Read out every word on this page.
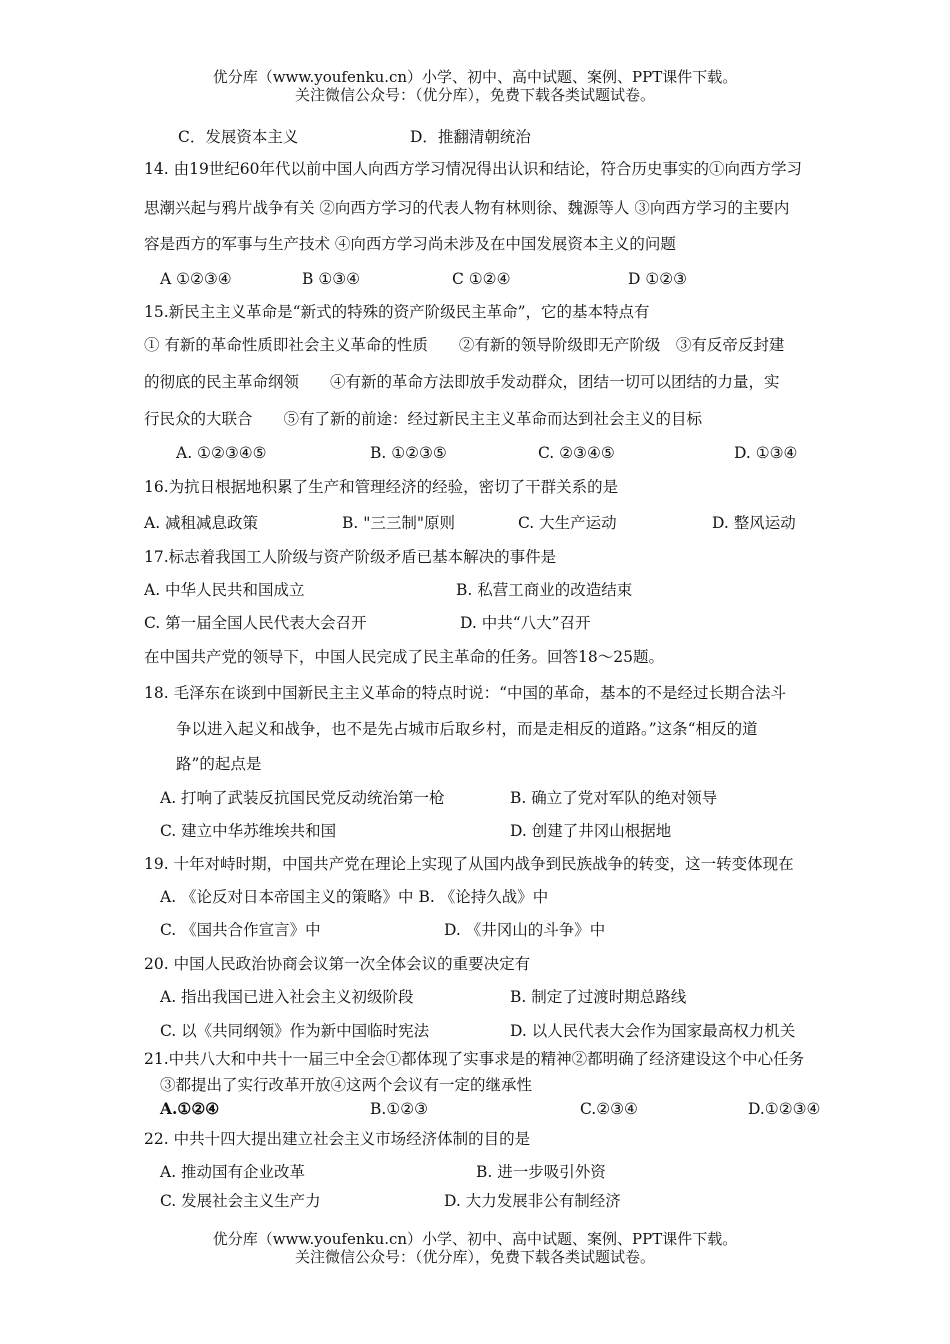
优分库（www.youfenku.cn）小学、初中、高中试题、案例、PPT课件下载。
关注微信公众号：（优分库），免费下载各类试题试卷。
C．发展资本主义	D．推翻清朝统治
14. 由19世纪60年代以前中国人向西方学习情况得出认识和结论，符合历史事实的①向西方学习
思潮兴起与鸦片战争有关 ②向西方学习的代表人物有林则徐、魏源等人 ③向西方学习的主要内
容是西方的军事与生产技术 ④向西方学习尚未涉及在中国发展资本主义的问题
A ①②③④	B ①③④	C ①②④	D ①②③
15.新民主主义革命是“新式的特殊的资产阶级民主革命”，它的基本特点有
① 有新的革命性质即社会主义革命的性质　　②有新的领导阶级即无产阶级　③有反帝反封建
的彻底的民主革命纲领　　④有新的革命方法即放手发动群众，团结一切可以团结的力量，实
行民众的大联合　　⑤有了新的前途：经过新民主主义革命而达到社会主义的目标
A. ①②③④⑤	B. ①②③⑤	C. ②③④⑤	D. ①③④
16.为抗日根据地积累了生产和管理经济的经验，密切了干群关系的是
A. 减租减息政策	B. "三三制"原则	C. 大生产运动	D. 整风运动
17.标志着我国工人阶级与资产阶级矛盾已基本解决的事件是
A. 中华人民共和国成立	B. 私营工商业的改造结束
C. 第一届全国人民代表大会召开	D. 中共“八大”召开
在中国共产党的领导下，中国人民完成了民主革命的任务。回答18～25题。
18. 毛泽东在谈到中国新民主主义革命的特点时说：“中国的革命，基本的不是经过长期合法斗
争以进入起义和战争，也不是先占城市后取乡村，而是走相反的道路。”这条“相反的道
路”的起点是
A. 打响了武装反抗国民党反动统治第一枪	B. 确立了党对军队的绝对领导
C. 建立中华苏维埃共和国	D. 创建了井冈山根据地
19. 十年对峙时期，中国共产党在理论上实现了从国内战争到民族战争的转变，这一转变体现在
A. 《论反对日本帝国主义的策略》中 B. 《论持久战》中
C. 《国共合作宣言》中	D. 《井冈山的斗争》中
20. 中国人民政治协商会议第一次全体会议的重要决定有
A. 指出我国已进入社会主义初级阶段	B. 制定了过渡时期总路线
C. 以《共同纲领》作为新中国临时宪法	D. 以人民代表大会作为国家最高权力机关
21.中共八大和中共十一届三中全会①都体现了实事求是的精神②都明确了经济建设这个中心任务
③都提出了实行改革开放④这两个会议有一定的继承性
A.①②④	B.①②③	C.②③④	D.①②③④
22. 中共十四大提出建立社会主义市场经济体制的目的是
A. 推动国有企业改革	B. 进一步吸引外资
C. 发展社会主义生产力	D. 大力发展非公有制经济
优分库（www.youfenku.cn）小学、初中、高中试题、案例、PPT课件下载。
关注微信公众号：（优分库），免费下载各类试题试卷。
